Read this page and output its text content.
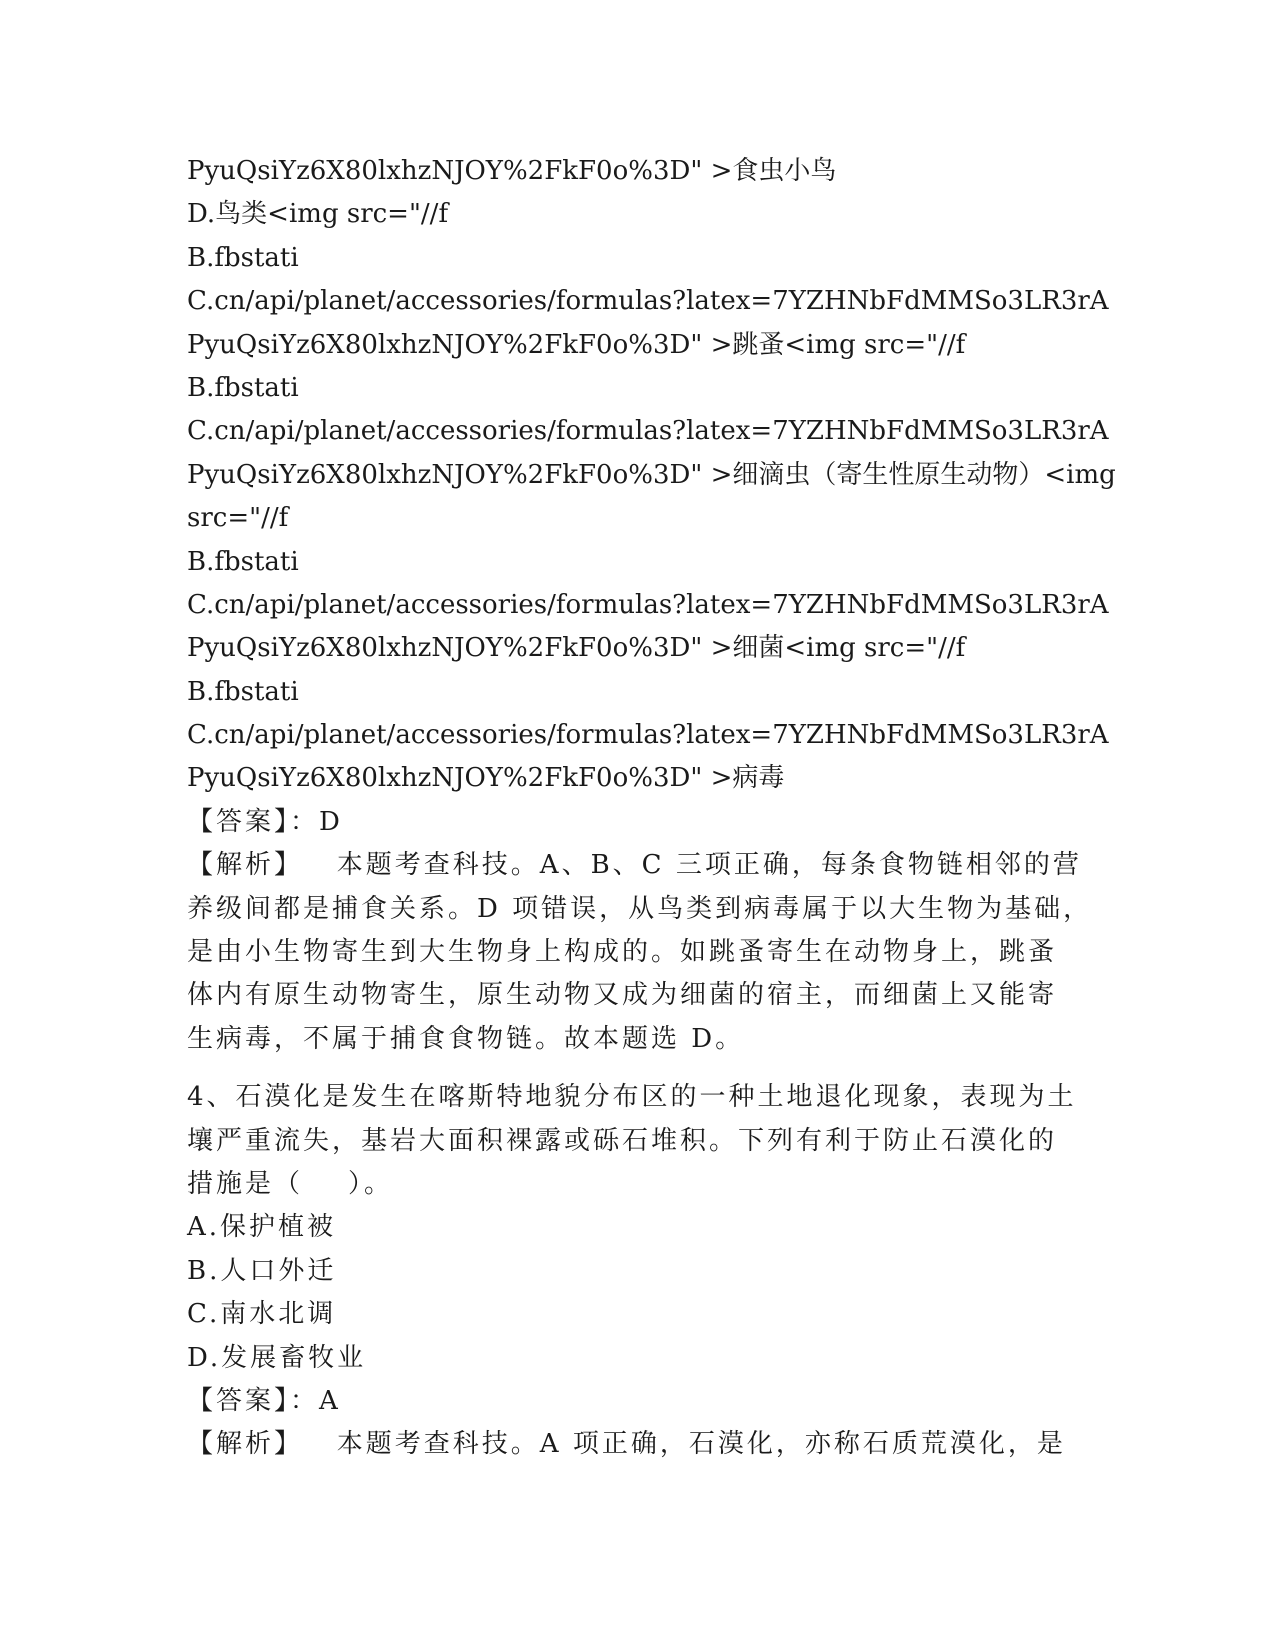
PyuQsiYz6X80lxhzNJOY%2FkF0o%3D" >食虫小鸟
D.鸟类<img src="//f
B.fbstati
C.cn/api/planet/accessories/formulas?latex=7YZHNbFdMMSo3LR3rA
PyuQsiYz6X80lxhzNJOY%2FkF0o%3D" >跳蚤<img src="//f
B.fbstati
C.cn/api/planet/accessories/formulas?latex=7YZHNbFdMMSo3LR3rA
PyuQsiYz6X80lxhzNJOY%2FkF0o%3D" >细滴虫（寄生性原生动物）<img
src="//f
B.fbstati
C.cn/api/planet/accessories/formulas?latex=7YZHNbFdMMSo3LR3rA
PyuQsiYz6X80lxhzNJOY%2FkF0o%3D" >细菌<img src="//f
B.fbstati
C.cn/api/planet/accessories/formulas?latex=7YZHNbFdMMSo3LR3rA
PyuQsiYz6X80lxhzNJOY%2FkF0o%3D" >病毒
【答案】：D
【解析】   本题考查科技。A、B、C 三项正确，每条食物链相邻的营
养级间都是捕食关系。D 项错误，从鸟类到病毒属于以大生物为基础，
是由小生物寄生到大生物身上构成的。如跳蚤寄生在动物身上，跳蚤
体内有原生动物寄生，原生动物又成为细菌的宿主，而细菌上又能寄
生病毒，不属于捕食食物链。故本题选 D。
4、石漠化是发生在喀斯特地貌分布区的一种土地退化现象，表现为土
壤严重流失，基岩大面积裸露或砾石堆积。下列有利于防止石漠化的
措施是（    ）。
A.保护植被
B.人口外迁
C.南水北调
D.发展畜牧业
【答案】：A
【解析】   本题考查科技。A 项正确，石漠化，亦称石质荒漠化，是
